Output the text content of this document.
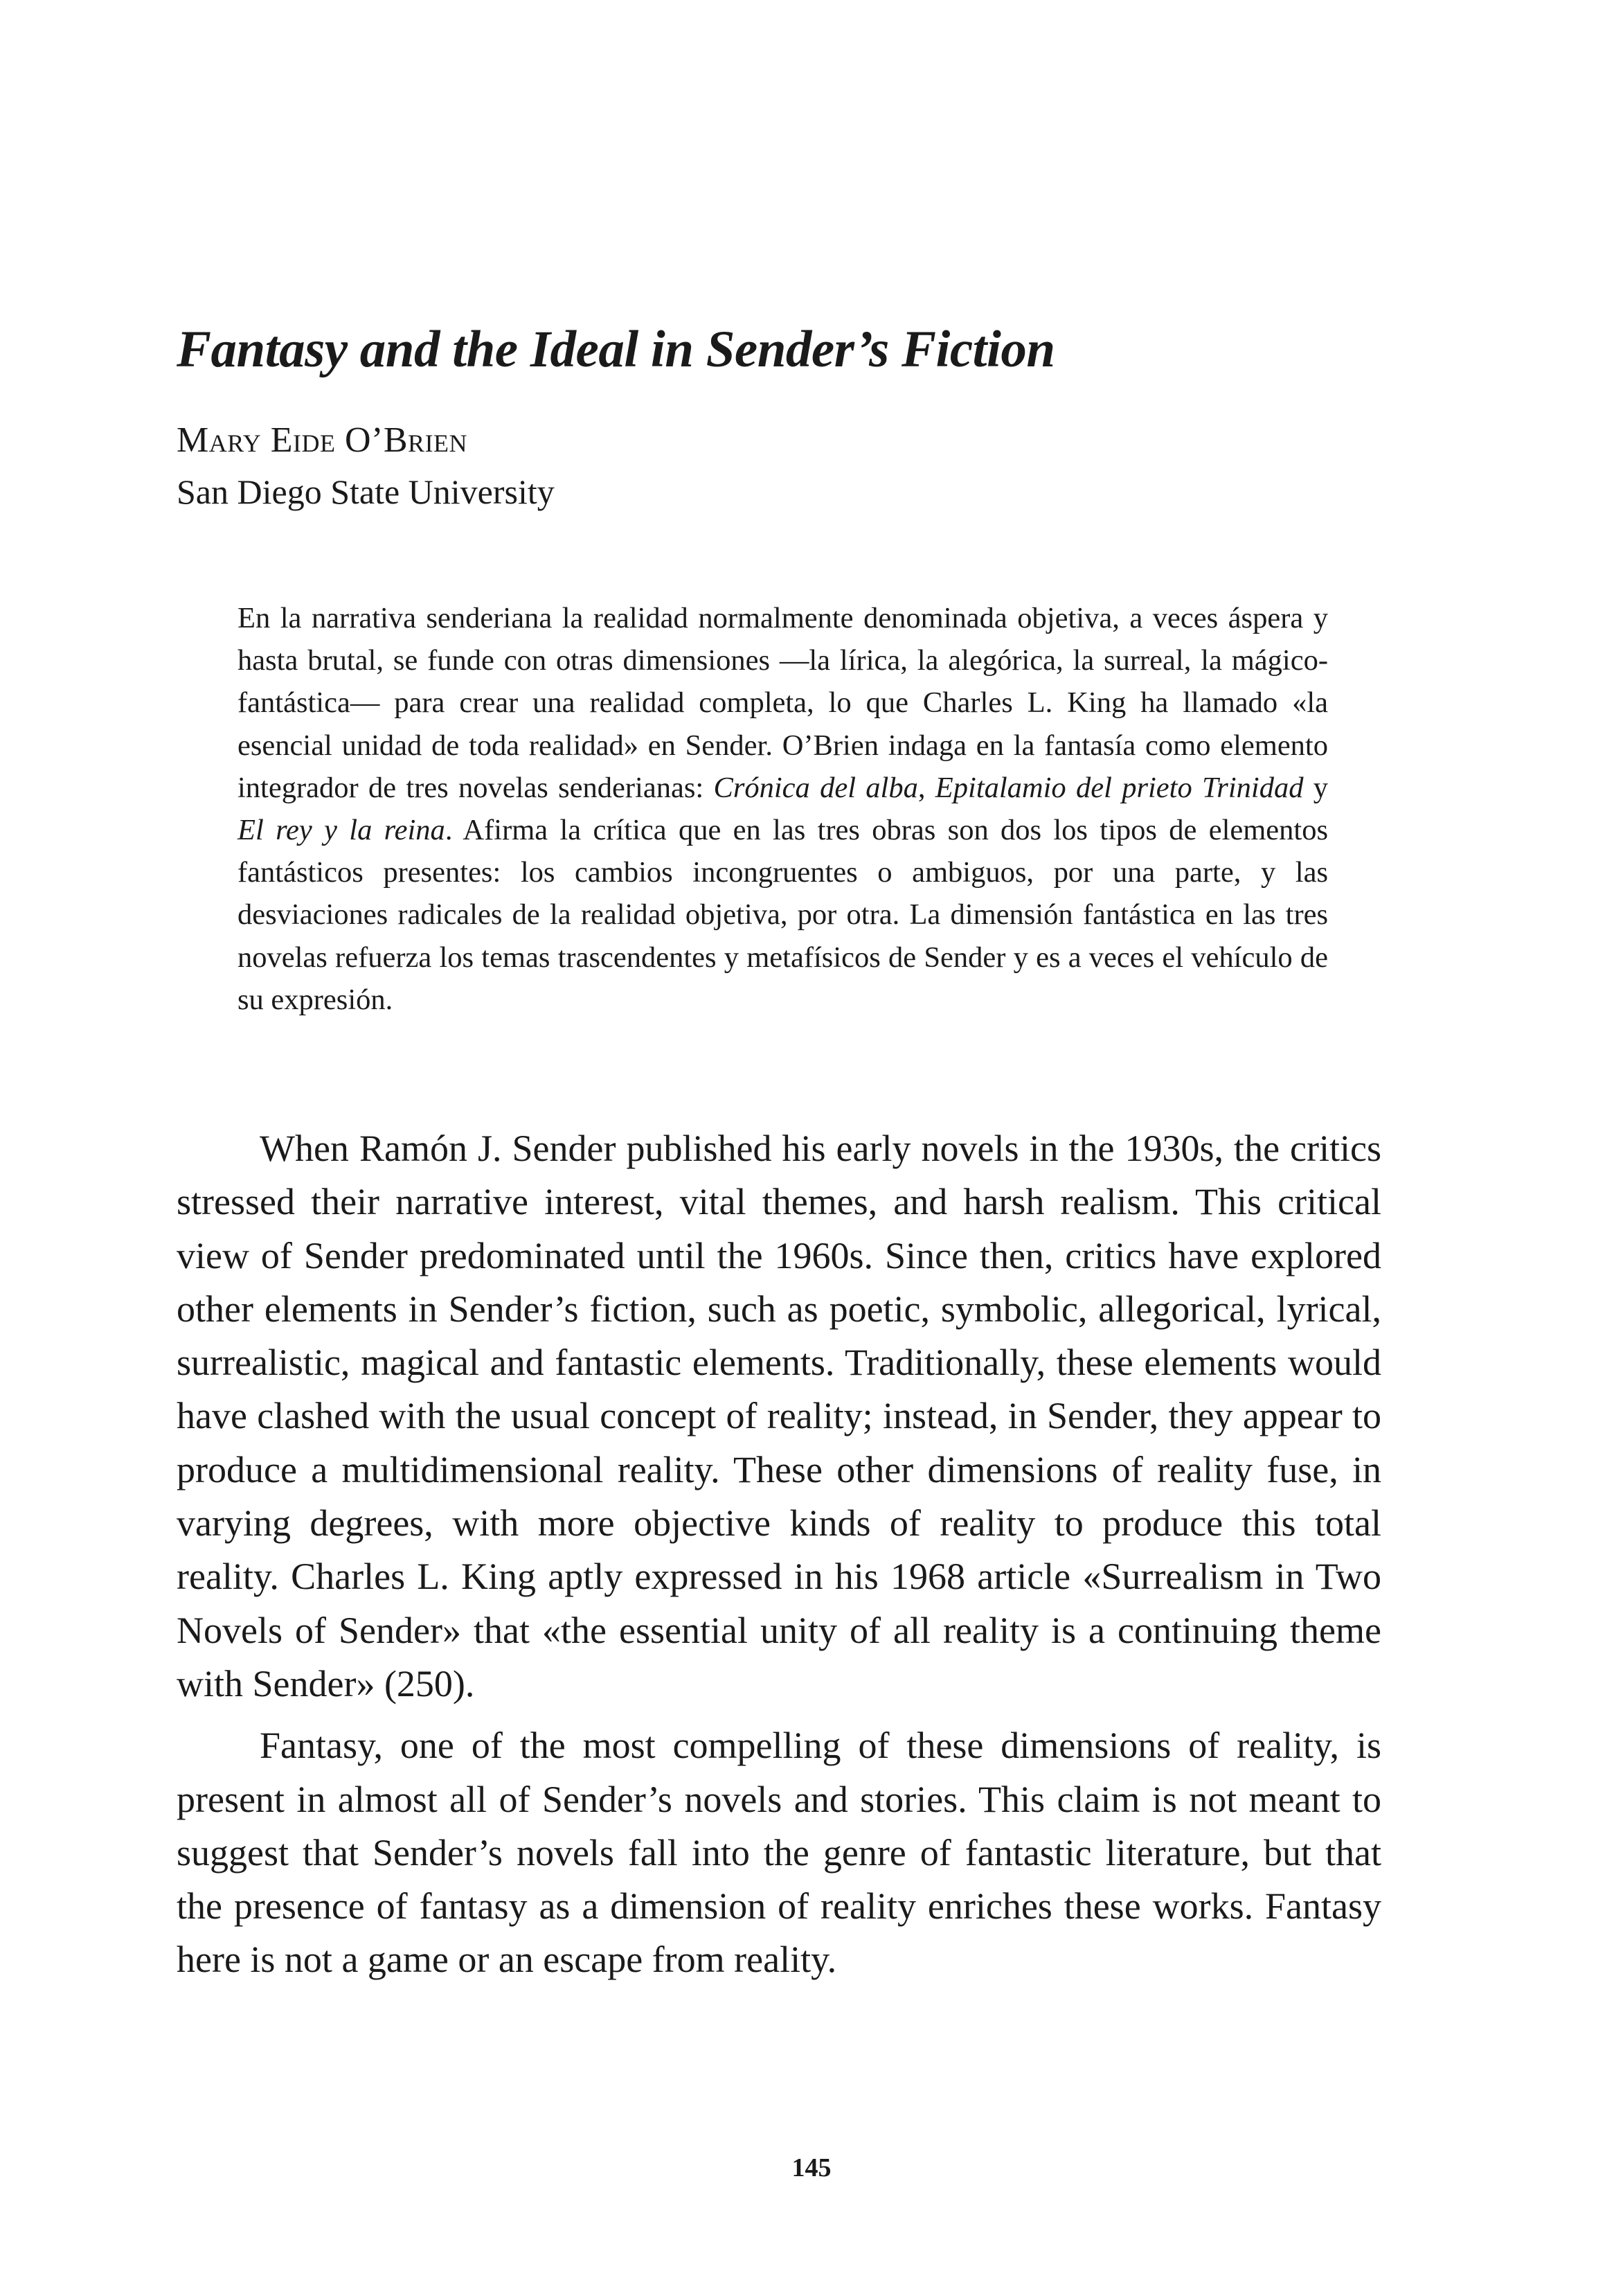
Fantasy and the Ideal in Sender’s Fiction
Mary Eide O’Brien
San Diego State University

En la narrativa senderiana la realidad normalmente denominada objetiva, a veces áspera y hasta brutal, se funde con otras dimensiones —la lírica, la alegórica, la surreal, la mágico-fantástica— para crear una realidad completa, lo que Charles L. King ha llamado «la esencial unidad de toda realidad» en Sender. O’Brien indaga en la fantasía como elemento integrador de tres novelas senderianas: Crónica del alba, Epitalamio del prieto Trinidad y El rey y la reina. Afirma la crítica que en las tres obras son dos los tipos de elementos fantásticos presentes: los cambios incongruentes o ambiguos, por una parte, y las desviaciones radicales de la realidad objetiva, por otra. La dimensión fantástica en las tres novelas refuerza los temas trascendentes y metafísicos de Sender y es a veces el vehículo de su expresión.

When Ramón J. Sender published his early novels in the 1930s, the critics stressed their narrative interest, vital themes, and harsh realism. This critical view of Sender predominated until the 1960s. Since then, critics have explored other elements in Sender’s fiction, such as poetic, symbolic, allegorical, lyrical, surrealistic, magical and fantastic elements. Traditionally, these elements would have clashed with the usual concept of reality; instead, in Sender, they appear to produce a multidimensional reality. These other dimensions of reality fuse, in varying degrees, with more objective kinds of reality to produce this total reality. Charles L. King aptly expressed in his 1968 article «Surrealism in Two Novels of Sender» that «the essential unity of all reality is a continuing theme with Sender» (250).

Fantasy, one of the most compelling of these dimensions of reality, is present in almost all of Sender’s novels and stories. This claim is not meant to suggest that Sender’s novels fall into the genre of fantastic literature, but that the presence of fantasy as a dimension of reality enriches these works. Fantasy here is not a game or an escape from reality.

145
